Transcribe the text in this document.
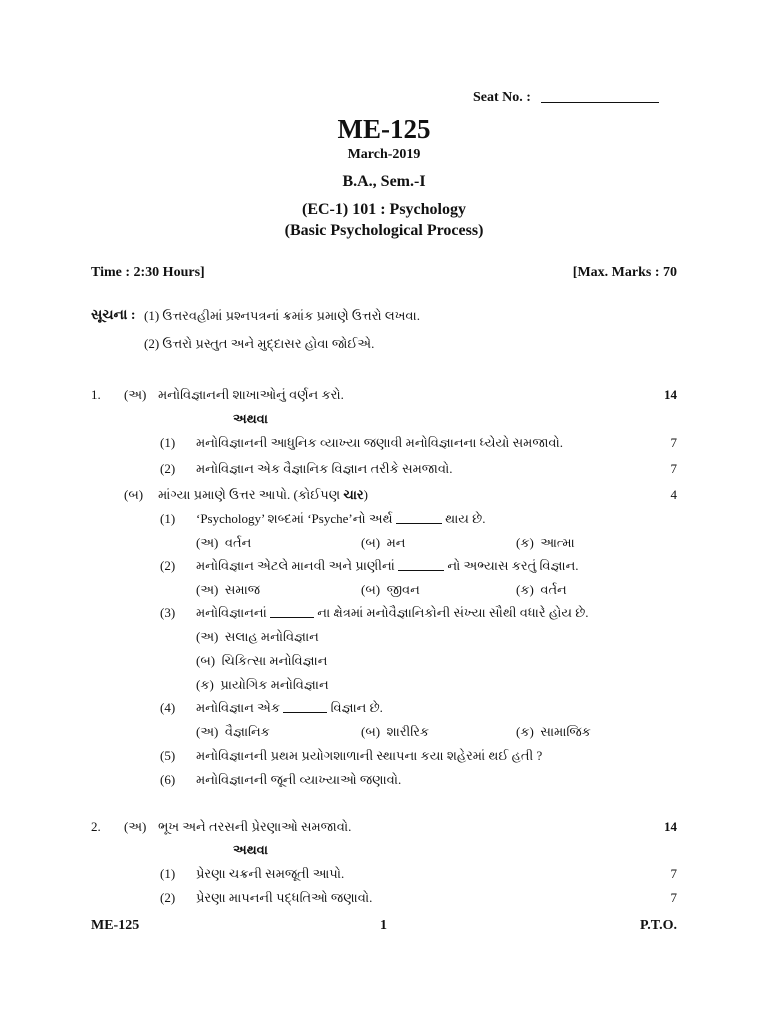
Seat No. :
ME-125
March-2019
B.A., Sem.-I
(EC-1) 101 : Psychology
(Basic Psychological Process)
Time : 2:30 Hours]	[Max. Marks : 70
સૂચના : (1) ઉત્તરવહીમાં પ્રશ્નપત્રનાં ક્રમાંક પ્રમાણે ઉત્તરો લખવા.
(2) ઉત્તરો પ્રસ્તુત અને મુદ્દાસર હોવા જોઈએ.
1. (અ) મનોવિજ્ઞાનની શાખાઓનું વર્ણન કરો.	14
અથવા
(1) મનોવિજ્ઞાનની આધુનિક વ્યાખ્યા જણાવી મનોવિજ્ઞાનના ધ્યેયો સમજાવો.	7
(2) મનોવિજ્ઞાન એક વૈજ્ઞાનિક વિજ્ઞાન તરીકે સમજાવો.	7
(બ) માંગ્યા પ્રમાણે ઉત્તર આપો. (કોઈપણ ચાર)	4
(1) ‘Psychology’ શબ્દમાં ‘Psyche’નો અર્થ	થાય છે.
(અ) વર્તન	(બ) મન	(ક) આત્મા
(2) મનોવિજ્ઞાન એટલે માનવી અને પ્રાણીનાં	નો અભ્યાસ કરતું વિજ્ઞાન.
(અ) સમાજ	(બ) જીવન	(ક) વર્તન
(3) મનોવિજ્ઞાનનાં	ના ક્ષેત્રમાં મનોવૈજ્ઞાનિકોની સંખ્યા સૌથી વધારે હોય છે.
(અ) સલાહ મનોવિજ્ઞાન
(બ) ચિકિત્સા મનોવિજ્ઞાન
(ક) પ્રાયોગિક મનોવિજ્ઞાન
(4) મનોવિજ્ઞાન એક	વિજ્ઞાન છે.
(અ) વૈજ્ઞાનિક	(બ) શારીરિક	(ક) સામાજિક
(5) મનોવિજ્ઞાનની પ્રથમ પ્રયોગશાળાની સ્થાપના કયા શહેરમાં થઈ હતી ?
(6) મનોવિજ્ઞાનની જૂની વ્યાખ્યાઓ જણાવો.
2. (અ) ભૂખ અને તરસની પ્રેરણાઓ સમજાવો.	14
અથવા
(1) પ્રેરણા ચક્રની સમજૂતી આપો.	7
(2) પ્રેરણા માપનની પદ્ધતિઓ જણાવો.	7
ME-125	1	P.T.O.
